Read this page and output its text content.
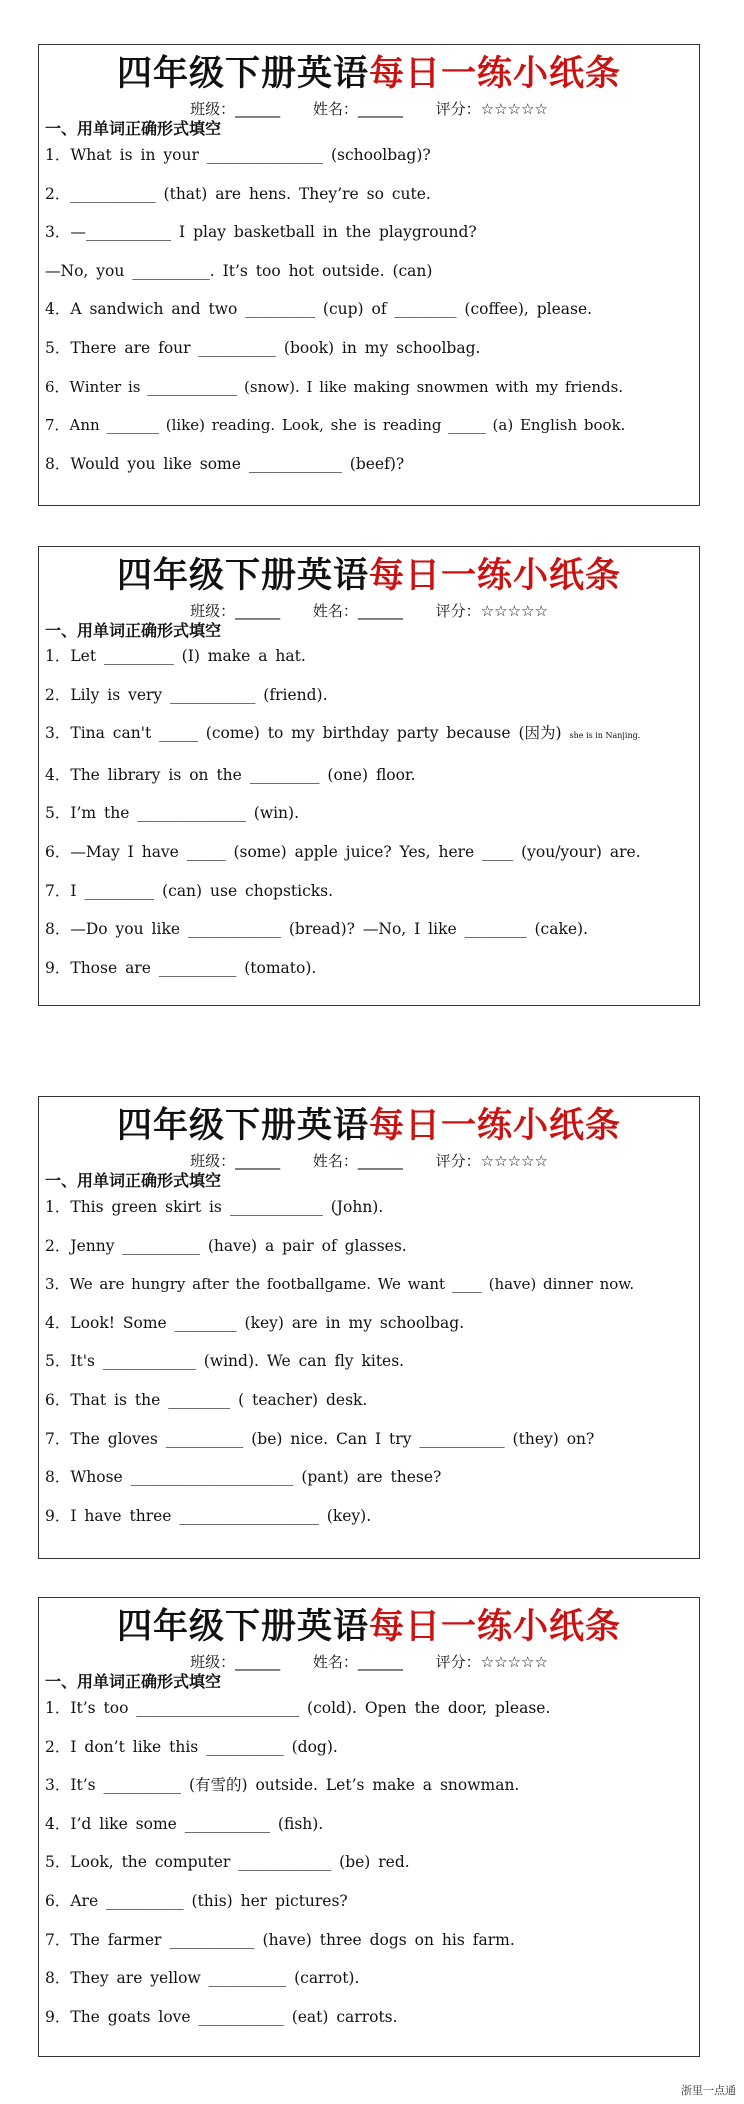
四年级下册英语每日一练小纸条
班级：______ 姓名：______ 评分：☆☆☆☆☆
一、用单词正确形式填空
1．What is in your _______________ (schoolbag)?
2．___________ (that) are hens. They’re so cute.
3．—___________ I play basketball in the playground?
—No, you __________. It’s too hot outside. (can)
4．A sandwich and two _________ (cup) of ________ (coffee), please.
5．There are four __________ (book) in my schoolbag.
6．Winter is ____________ (snow). I like making snowmen with my friends.
7．Ann _______ (like) reading. Look, she is reading _____ (a) English book.
8．Would you like some ____________ (beef)?
四年级下册英语每日一练小纸条
班级：______ 姓名：______ 评分：☆☆☆☆☆
一、用单词正确形式填空
1．Let _________ (I) make a hat.
2．Lily is very ___________ (friend).
3．Tina can't _____ (come) to my birthday party because (因为) she is in Nanjing.
4．The library is on the _________ (one) floor.
5．I’m the ______________ (win).
6．—May I have _____ (some) apple juice? Yes, here ____ (you/your) are.
7．I _________ (can) use chopsticks.
8．—Do you like ____________ (bread)? —No, I like ________ (cake).
9．Those are __________ (tomato).
四年级下册英语每日一练小纸条
班级：______ 姓名：______ 评分：☆☆☆☆☆
一、用单词正确形式填空
1．This green skirt is ____________ (John).
2．Jenny __________ (have) a pair of glasses.
3．We are hungry after the footballgame. We want ____ (have) dinner now.
4．Look! Some ________ (key) are in my schoolbag.
5．It's ____________ (wind). We can fly kites.
6．That is the ________ ( teacher) desk.
7．The gloves __________ (be) nice. Can I try ___________ (they) on?
8．Whose _____________________ (pant) are these?
9．I have three __________________ (key).
四年级下册英语每日一练小纸条
班级：______ 姓名：______ 评分：☆☆☆☆☆
一、用单词正确形式填空
1．It’s too _____________________ (cold). Open the door, please.
2．I don’t like this __________ (dog).
3．It’s __________ (有雪的) outside. Let’s make a snowman.
4．I’d like some ___________ (fish).
5．Look, the computer ____________ (be) red.
6．Are __________ (this) her pictures?
7．The farmer ___________ (have) three dogs on his farm.
8．They are yellow __________ (carrot).
9．The goats love ___________ (eat) carrots.
浙里一点通
